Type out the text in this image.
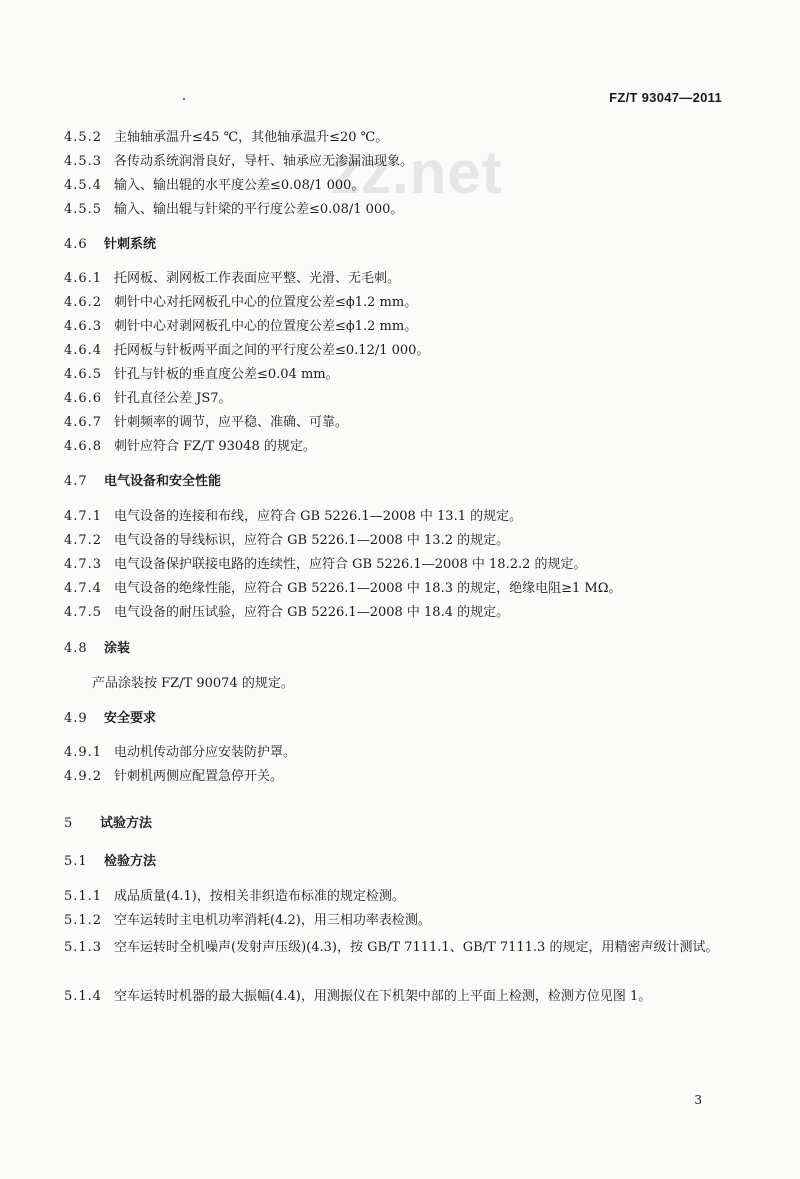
FZ/T 93047—2011
zz.net
4.5.2 主轴轴承温升≤45 ℃，其他轴承温升≤20 ℃。
4.5.3 各传动系统润滑良好，导杆、轴承应无渗漏油现象。
4.5.4 输入、输出辊的水平度公差≤0.08/1 000。
4.5.5 输入、输出辊与针梁的平行度公差≤0.08/1 000。
4.6 针刺系统
4.6.1 托网板、剥网板工作表面应平整、光滑、无毛刺。
4.6.2 刺针中心对托网板孔中心的位置度公差≤ϕ1.2 mm。
4.6.3 刺针中心对剥网板孔中心的位置度公差≤ϕ1.2 mm。
4.6.4 托网板与针板两平面之间的平行度公差≤0.12/1 000。
4.6.5 针孔与针板的垂直度公差≤0.04 mm。
4.6.6 针孔直径公差 JS7。
4.6.7 针刺频率的调节，应平稳、准确、可靠。
4.6.8 刺针应符合 FZ/T 93048 的规定。
4.7 电气设备和安全性能
4.7.1 电气设备的连接和布线，应符合 GB 5226.1—2008 中 13.1 的规定。
4.7.2 电气设备的导线标识，应符合 GB 5226.1—2008 中 13.2 的规定。
4.7.3 电气设备保护联接电路的连续性，应符合 GB 5226.1—2008 中 18.2.2 的规定。
4.7.4 电气设备的绝缘性能，应符合 GB 5226.1—2008 中 18.3 的规定，绝缘电阻≥1 MΩ。
4.7.5 电气设备的耐压试验，应符合 GB 5226.1—2008 中 18.4 的规定。
4.8 涂装
产品涂装按 FZ/T 90074 的规定。
4.9 安全要求
4.9.1 电动机传动部分应安装防护罩。
4.9.2 针刺机两侧应配置急停开关。
5 试验方法
5.1 检验方法
5.1.1 成品质量(4.1)，按相关非织造布标准的规定检测。
5.1.2 空车运转时主电机功率消耗(4.2)，用三相功率表检测。
5.1.3 空车运转时全机噪声(发射声压级)(4.3)，按 GB/T 7111.1、GB/T 7111.3 的规定，用精密声级计测试。
5.1.4 空车运转时机器的最大振幅(4.4)，用测振仪在下机架中部的上平面上检测，检测方位见图 1。
3
